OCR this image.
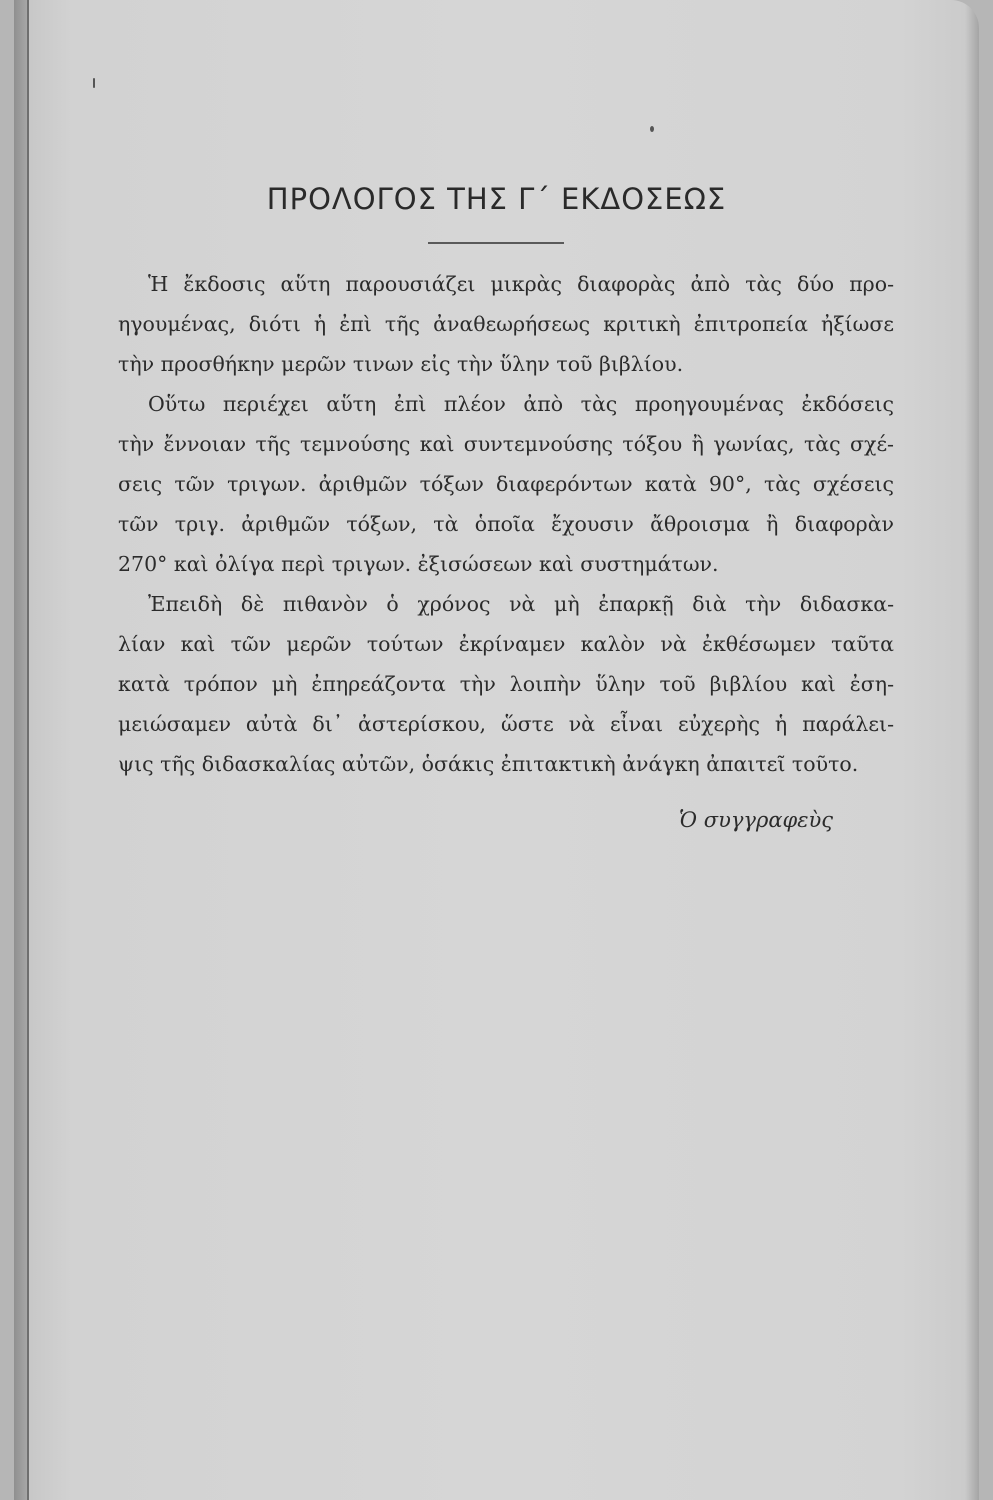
ΠΡΟΛΟΓΟΣ ΤΗΣ Γ΄ ΕΚΔΟΣΕΩΣ
Ἡ ἔκδοσις αὕτη παρουσιάζει μικρὰς διαφορὰς ἀπὸ τὰς δύο προ-
ηγουμένας, διότι ἡ ἐπὶ τῆς ἀναθεωρήσεως κριτικὴ ἐπιτροπεία ἠξίωσε
τὴν προσθήκην μερῶν τινων εἰς τὴν ὕλην τοῦ βιβλίου.
Οὕτω περιέχει αὕτη ἐπὶ πλέον ἀπὸ τὰς προηγουμένας ἐκδόσεις
τὴν ἔννοιαν τῆς τεμνούσης καὶ συντεμνούσης τόξου ἢ γωνίας, τὰς σχέ-
σεις τῶν τριγων. ἀριθμῶν τόξων διαφερόντων κατὰ 90°, τὰς σχέσεις
τῶν τριγ. ἀριθμῶν τόξων, τὰ ὁποῖα ἔχουσιν ἄθροισμα ἢ διαφορὰν
270° καὶ ὀλίγα περὶ τριγων. ἐξισώσεων καὶ συστημάτων.
Ἐπειδὴ δὲ πιθανὸν ὁ χρόνος νὰ μὴ ἐπαρκῇ διὰ τὴν διδασκα-
λίαν καὶ τῶν μερῶν τούτων ἐκρίναμεν καλὸν νὰ ἐκθέσωμεν ταῦτα
κατὰ τρόπον μὴ ἐπηρεάζοντα τὴν λοιπὴν ὕλην τοῦ βιβλίου καὶ ἐση-
μειώσαμεν αὐτὰ δι᾿ ἀστερίσκου, ὥστε νὰ εἶναι εὐχερὴς ἡ παράλει-
ψις τῆς διδασκαλίας αὐτῶν, ὁσάκις ἐπιτακτικὴ ἀνάγκη ἀπαιτεῖ τοῦτο.
Ὁ συγγραφεὺς
